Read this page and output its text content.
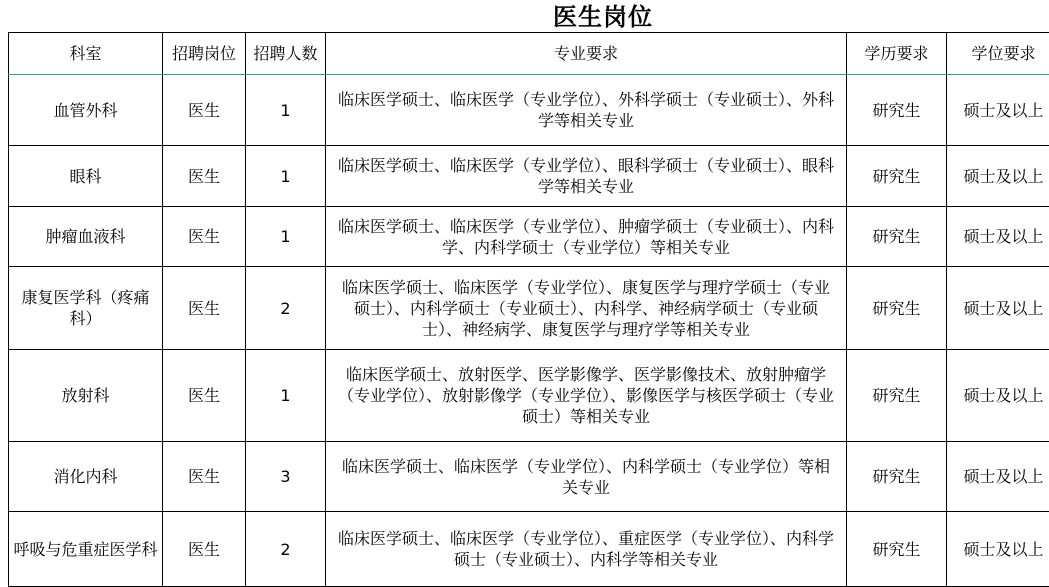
医生岗位
科室	招聘岗位	招聘人数	专业要求	学历要求	学位要求
血管外科	医生	1	临床医学硕士、临床医学（专业学位）、外科学硕士（专业硕士）、外科学等相关专业	研究生	硕士及以上
眼科	医生	1	临床医学硕士、临床医学（专业学位）、眼科学硕士（专业硕士）、眼科学等相关专业	研究生	硕士及以上
肿瘤血液科	医生	1	临床医学硕士、临床医学（专业学位）、肿瘤学硕士（专业硕士）、内科学、内科学硕士（专业学位）等相关专业	研究生	硕士及以上
康复医学科（疼痛科）	医生	2	临床医学硕士、临床医学（专业学位）、康复医学与理疗学硕士（专业硕士）、内科学硕士（专业硕士）、内科学、神经病学硕士（专业硕士）、神经病学、康复医学与理疗学等相关专业	研究生	硕士及以上
放射科	医生	1	临床医学硕士、放射医学、医学影像学、医学影像技术、放射肿瘤学（专业学位）、放射影像学（专业学位）、影像医学与核医学硕士（专业硕士）等相关专业	研究生	硕士及以上
消化内科	医生	3	临床医学硕士、临床医学（专业学位）、内科学硕士（专业学位）等相关专业	研究生	硕士及以上
呼吸与危重症医学科	医生	2	临床医学硕士、临床医学（专业学位）、重症医学（专业学位）、内科学硕士（专业硕士）、内科学等相关专业	研究生	硕士及以上
